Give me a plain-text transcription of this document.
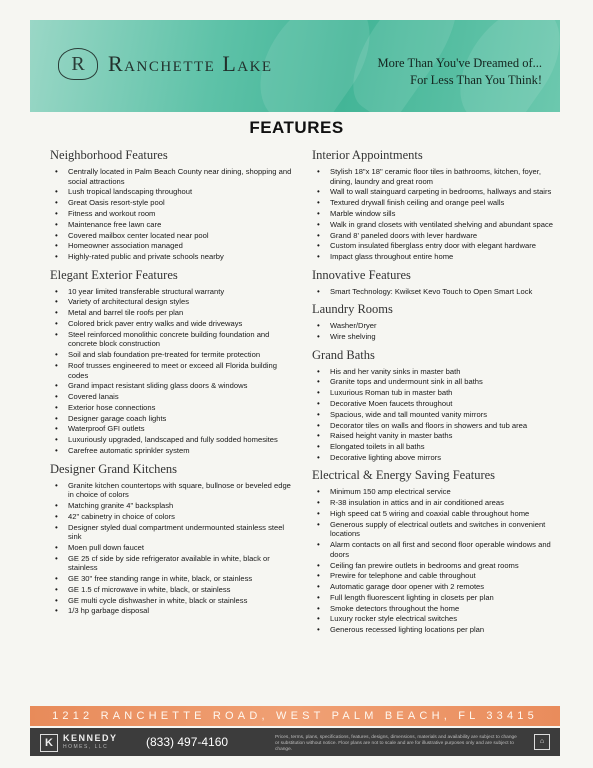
R	Ranchette Lake	More Than You've Dreamed of...
For Less Than You Think!
FEATURES
Neighborhood Features
• Centrally located in Palm Beach County near dining, shopping and social attractions
• Lush tropical landscaping throughout
• Great Oasis resort-style pool
• Fitness and workout room
• Maintenance free lawn care
• Covered mailbox center located near pool
• Homeowner association managed
• Highly-rated public and private schools nearby
Elegant Exterior Features
• 10 year limited transferable structural warranty
• Variety of architectural design styles
• Metal and barrel tile roofs per plan
• Colored brick paver entry walks and wide driveways
• Steel reinforced monolithic concrete building foundation and concrete block construction
• Soil and slab foundation pre-treated for termite protection
• Roof trusses engineered to meet or exceed all Florida building codes
• Grand impact resistant sliding glass doors & windows
• Covered lanais
• Exterior hose connections
• Designer garage coach lights
• Waterproof GFI outlets
• Luxuriously upgraded, landscaped and fully sodded homesites
• Carefree automatic sprinkler system
Designer Grand Kitchens
• Granite kitchen countertops with square, bullnose or beveled edge in choice of colors
• Matching granite 4" backsplash
• 42" cabinetry in choice of colors
• Designer styled dual compartment undermounted stainless steel sink
• Moen pull down faucet
• GE 25 cf side by side refrigerator available in white, black or stainless
• GE 30" free standing range in white, black, or stainless
• GE 1.5 cf microwave in white, black, or stainless
• GE multi cycle dishwasher in white, black or stainless
• 1/3 hp garbage disposal
Interior Appointments
• Stylish 18"x 18" ceramic floor tiles in bathrooms, kitchen, foyer, dining, laundry and great room
• Wall to wall stainguard carpeting in bedrooms, hallways and stairs
• Textured drywall finish ceiling and orange peel walls
• Marble window sills
• Walk in grand closets with ventilated shelving and abundant space
• Grand 8' paneled doors with lever hardware
• Custom insulated fiberglass entry door with elegant hardware
• Impact glass throughout entire home
Innovative Features
• Smart Technology: Kwikset Kevo Touch to Open Smart Lock
Laundry Rooms
• Washer/Dryer
• Wire shelving
Grand Baths
• His and her vanity sinks in master bath
• Granite tops and undermount sink in all baths
• Luxurious Roman tub in master bath
• Decorative Moen faucets throughout
• Spacious, wide and tall mounted vanity mirrors
• Decorator tiles on walls and floors in showers and tub area
• Raised height vanity in master baths
• Elongated toilets in all baths
• Decorative lighting above mirrors
Electrical & Energy Saving Features
• Minimum 150 amp electrical service
• R-38 insulation in attics and in air conditioned areas
• High speed cat 5 wiring and coaxial cable throughout home
• Generous supply of electrical outlets and switches in convenient locations
• Alarm contacts on all first and second floor operable windows and doors
• Ceiling fan prewire outlets in bedrooms and great rooms
• Prewire for telephone and cable throughout
• Automatic garage door opener with 2 remotes
• Full length fluorescent lighting in closets per plan
• Smoke detectors throughout the home
• Luxury rocker style electrical switches
• Generous recessed lighting locations per plan
1212 RANCHETTE ROAD, WEST PALM BEACH, FL 33415
K	KENNEDY
HOMES, LLC	(833) 497-4160	Prices, terms, plans, specifications, features, designs, dimensions, materials and availability are subject to change or substitution without notice. Floor plans are not to scale and are for illustrative purposes only and are subject to change.
⌂
